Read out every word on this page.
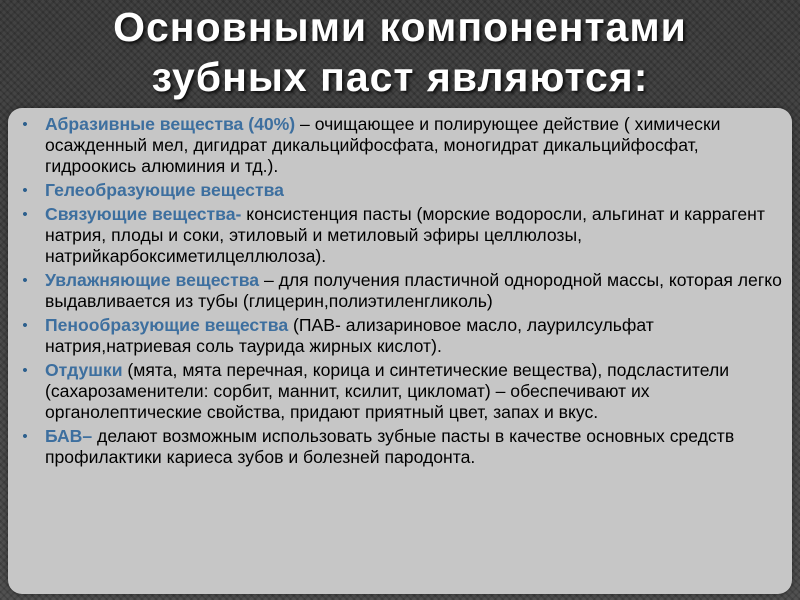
Основными компонентами
зубных паст являются:
• Абразивные вещества (40%) – очищающее и полирующее действие ( химически осажденный мел, дигидрат дикальцийфосфата, моногидрат дикальцийфосфат, гидроокись алюминия и тд.).
• Гелеобразующие вещества
• Связующие вещества- консистенция пасты (морские водоросли, альгинат и каррагент натрия, плоды и соки, этиловый и метиловый эфиры целлюлозы, натрийкарбоксиметилцеллюлоза).
• Увлажняющие вещества – для получения пластичной однородной массы, которая легко выдавливается из тубы (глицерин,полиэтиленгликоль)
• Пенообразующие вещества (ПАВ- ализариновое масло, лаурилсульфат натрия,натриевая соль таурида жирных кислот).
• Отдушки (мята, мята перечная, корица и синтетические вещества), подсластители (сахарозаменители: сорбит, маннит, ксилит, цикломат) – обеспечивают их органолептические свойства, придают приятный цвет, запах и вкус.
• БАВ– делают возможным использовать зубные пасты в качестве основных средств профилактики кариеса зубов и болезней пародонта.
